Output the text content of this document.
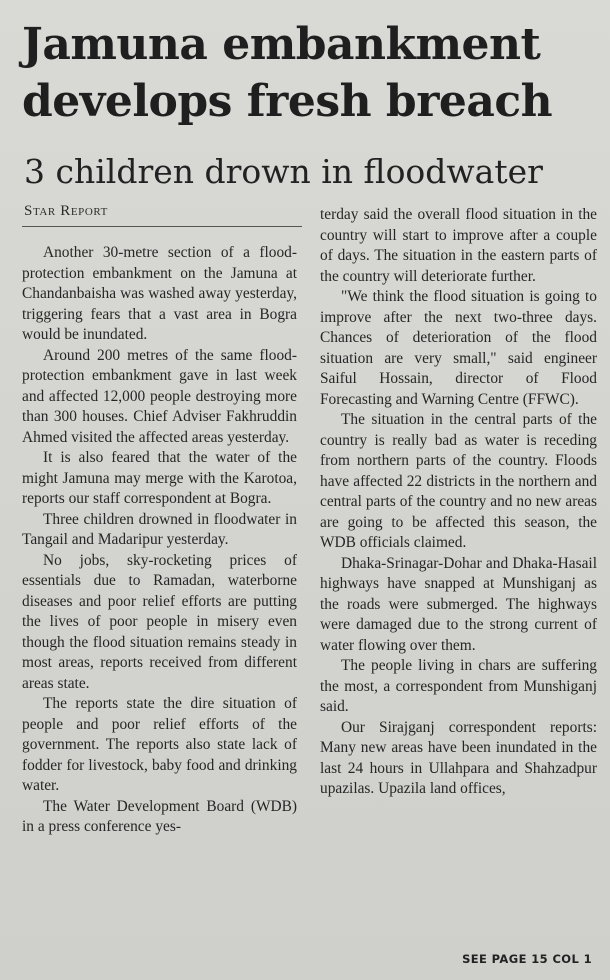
Jamuna embankment
develops fresh breach
3 children drown in floodwater
Star Report

Another 30-metre section of a flood-protection embankment on the Jamuna at Chandanbaisha was washed away yesterday, triggering fears that a vast area in Bogra would be inundated.

Around 200 metres of the same flood-protection embankment gave in last week and affected 12,000 people destroying more than 300 houses. Chief Adviser Fakhruddin Ahmed visited the affected areas yesterday.

It is also feared that the water of the might Jamuna may merge with the Karotoa, reports our staff correspondent at Bogra.

Three children drowned in floodwater in Tangail and Madaripur yesterday.

No jobs, sky-rocketing prices of essentials due to Ramadan, waterborne diseases and poor relief efforts are putting the lives of poor people in misery even though the flood situation remains steady in most areas, reports received from different areas state.

The reports state the dire situation of people and poor relief efforts of the government. The reports also state lack of fodder for livestock, baby food and drinking water.

The Water Development Board (WDB) in a press conference yes-

terday said the overall flood situation in the country will start to improve after a couple of days. The situation in the eastern parts of the country will deteriorate further.

"We think the flood situation is going to improve after the next two-three days. Chances of deterioration of the flood situation are very small," said engineer Saiful Hossain, director of Flood Forecasting and Warning Centre (FFWC).

The situation in the central parts of the country is really bad as water is receding from northern parts of the country. Floods have affected 22 districts in the northern and central parts of the country and no new areas are going to be affected this season, the WDB officials claimed.

Dhaka-Srinagar-Dohar and Dhaka-Hasail highways have snapped at Munshiganj as the roads were submerged. The highways were damaged due to the strong current of water flowing over them.

The people living in chars are suffering the most, a correspondent from Munshiganj said.

Our Sirajganj correspondent reports: Many new areas have been inundated in the last 24 hours in Ullahpara and Shahzadpur upazilas. Upazila land offices,

SEE PAGE 15 COL 1
